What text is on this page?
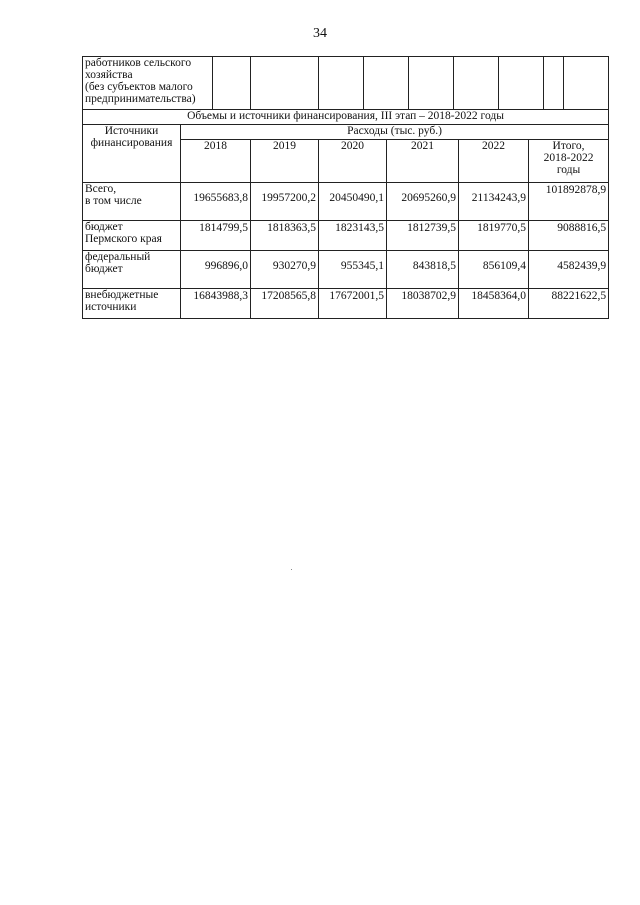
34
работников сельского
хозяйства
(без субъектов малого
предпринимательства)

Объемы и источники финансирования, III этап – 2018-2022 годы						

Источники
финансирования	Расходы (тыс. руб.)					
	2018	2019	2020	2021	2022	Итого,
2018-2022
годы

Всего,
в том числе	19655683,8	19957200,2	20450490,1	20695260,9	21134243,9	101892878,9

бюджет
Пермского края	1814799,5	1818363,5	1823143,5	1812739,5	1819770,5	9088816,5

федеральный
бюджет	996896,0	930270,9	955345,1	843818,5	856109,4	4582439,9

внебюджетные
источники	16843988,3	17208565,8	17672001,5	18038702,9	18458364,0	88221622,5
